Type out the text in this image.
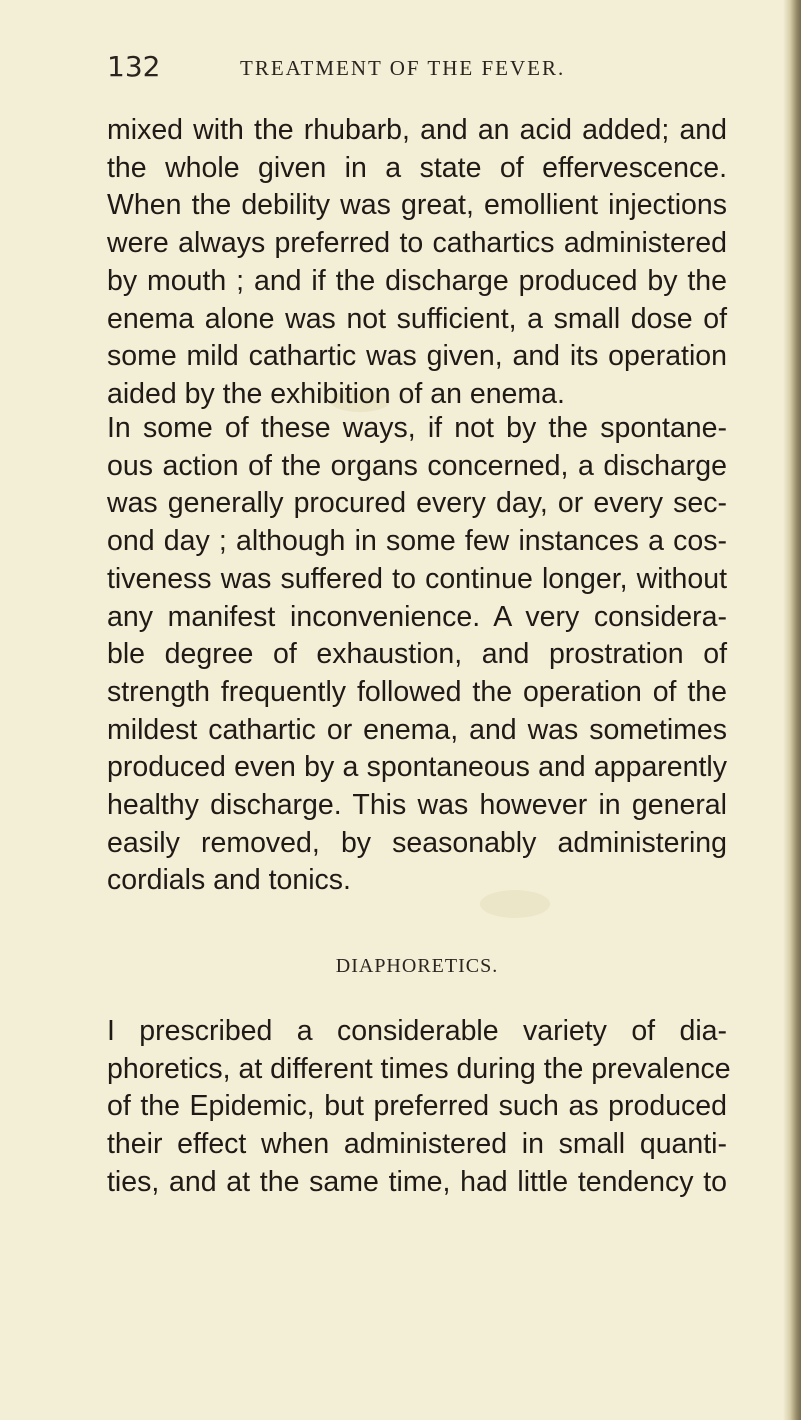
132	TREATMENT OF THE FEVER.
mixed with the rhubarb, and an acid added; and
the whole given in a state of effervescence.
When the debility was great, emollient injections
were always preferred to cathartics administered
by mouth ; and if the discharge produced by the
enema alone was not sufficient, a small dose of
some mild cathartic was given, and its operation
aided by the exhibition of an enema.
In some of these ways, if not by the spontane-
ous action of the organs concerned, a discharge
was generally procured every day, or every sec-
ond day ; although in some few instances a cos-
tiveness was suffered to continue longer, without
any manifest inconvenience. A very considera-
ble degree of exhaustion, and prostration of
strength frequently followed the operation of the
mildest cathartic or enema, and was sometimes
produced even by a spontaneous and apparently
healthy discharge. This was however in general
easily removed, by seasonably administering
cordials and tonics.
DIAPHORETICS.
I prescribed a considerable variety of dia-
phoretics, at different times during the prevalence
of the Epidemic, but preferred such as produced
their effect when administered in small quanti-
ties, and at the same time, had little tendency to
